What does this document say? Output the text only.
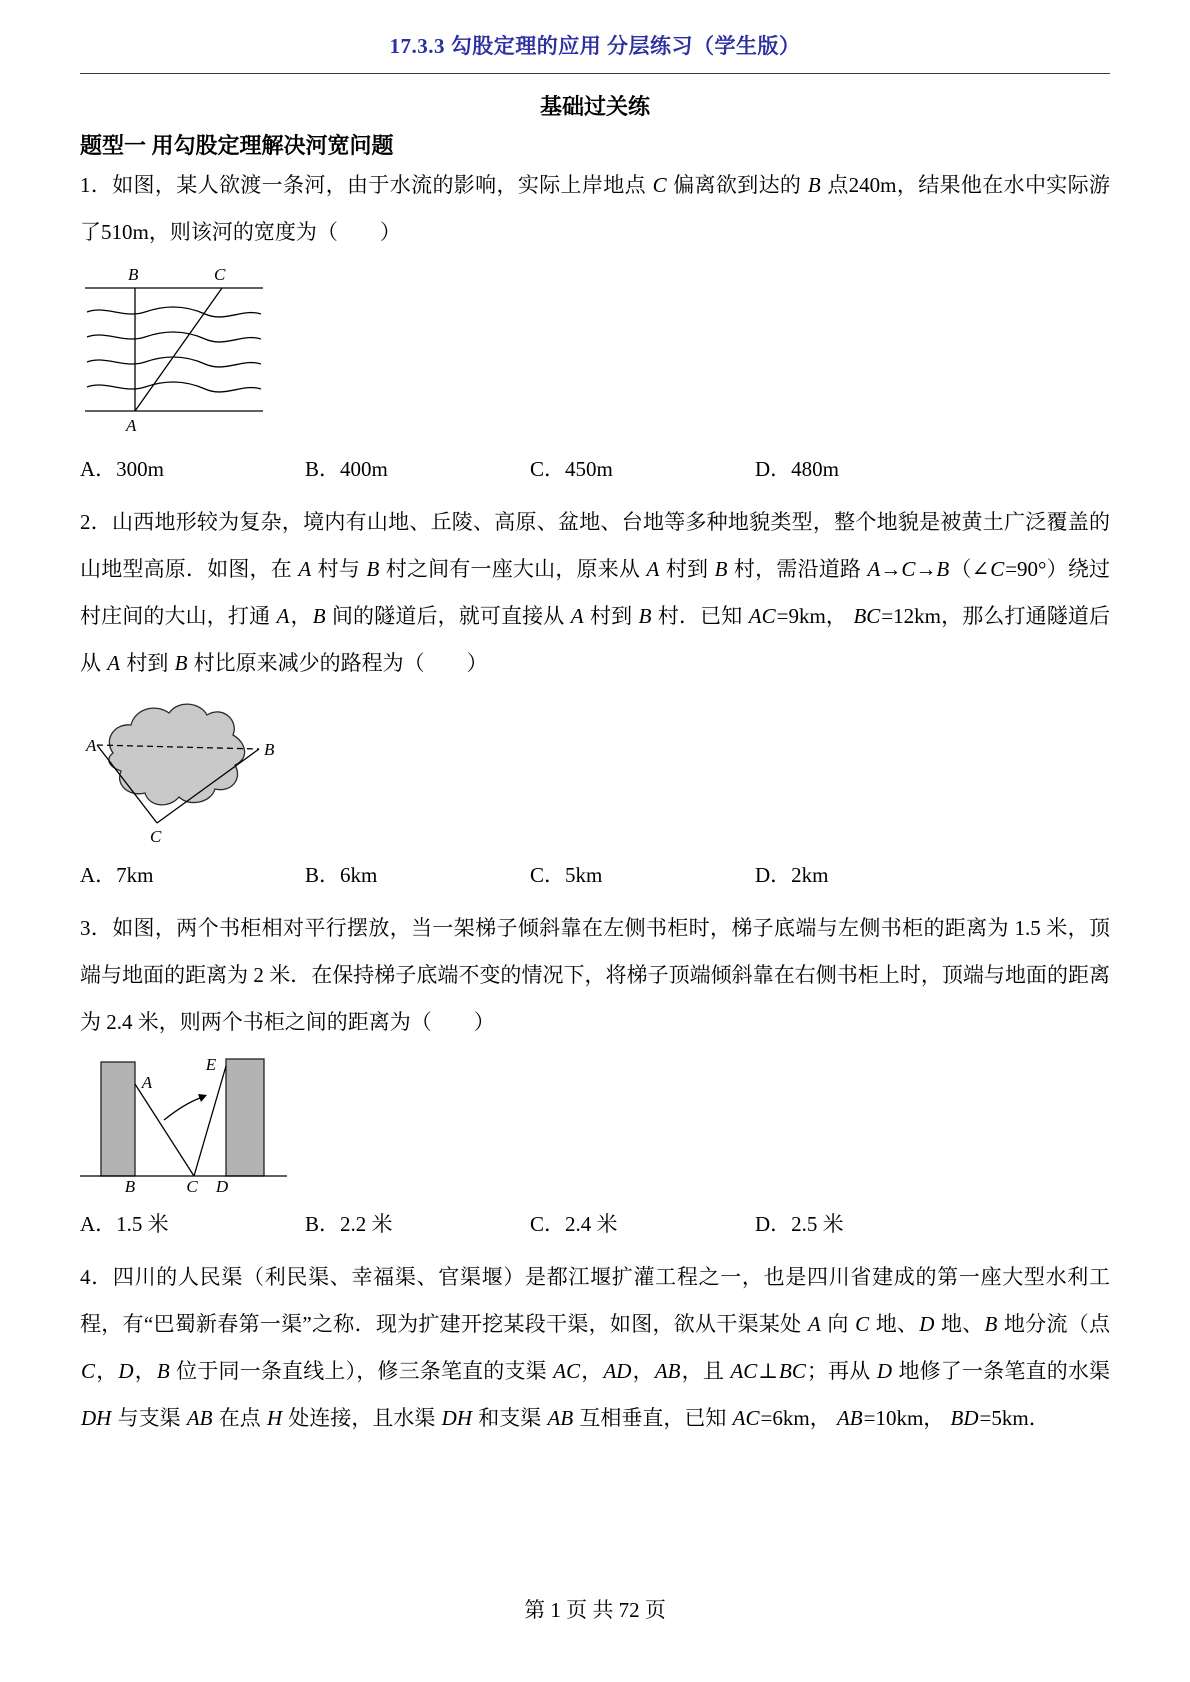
17.3.3 勾股定理的应用 分层练习（学生版）
基础过关练
题型一 用勾股定理解决河宽问题

1．如图，某人欲渡一条河，由于水流的影响，实际上岸地点 C 偏离欲到达的 B 点240m，结果他在水中实际游了510m，则该河的宽度为（　　）

B	C
A
A．300m	B．400m	C．450m	D．480m

2．山西地形较为复杂，境内有山地、丘陵、高原、盆地、台地等多种地貌类型，整个地貌是被黄土广泛覆盖的山地型高原．如图，在 A 村与 B 村之间有一座大山，原来从 A 村到 B 村，需沿道路 A→C→B（∠C=90°）绕过村庄间的大山，打通 A，B 间的隧道后，就可直接从 A 村到 B 村．已知 AC=9km， BC=12km，那么打通隧道后从 A 村到 B 村比原来减少的路程为（　　）

A	B
C
A．7km	B．6km	C．5km	D．2km

3．如图，两个书柜相对平行摆放，当一架梯子倾斜靠在左侧书柜时，梯子底端与左侧书柜的距离为 1.5 米，顶端与地面的距离为 2 米．在保持梯子底端不变的情况下，将梯子顶端倾斜靠在右侧书柜上时，顶端与地面的距离为 2.4 米，则两个书柜之间的距离为（　　）

A
E
B	C D
A．1.5 米	B．2.2 米	C．2.4 米	D．2.5 米

4．四川的人民渠（利民渠、幸福渠、官渠堰）是都江堰扩灌工程之一，也是四川省建成的第一座大型水利工程，有“巴蜀新春第一渠”之称．现为扩建开挖某段干渠，如图，欲从干渠某处 A 向 C 地、D 地、B 地分流（点 C，D，B 位于同一条直线上），修三条笔直的支渠 AC，AD，AB，且 AC⊥BC；再从 D 地修了一条笔直的水渠 DH 与支渠 AB 在点 H 处连接，且水渠 DH 和支渠 AB 互相垂直，已知 AC=6km， AB=10km， BD=5km．

第 1 页 共 72 页
